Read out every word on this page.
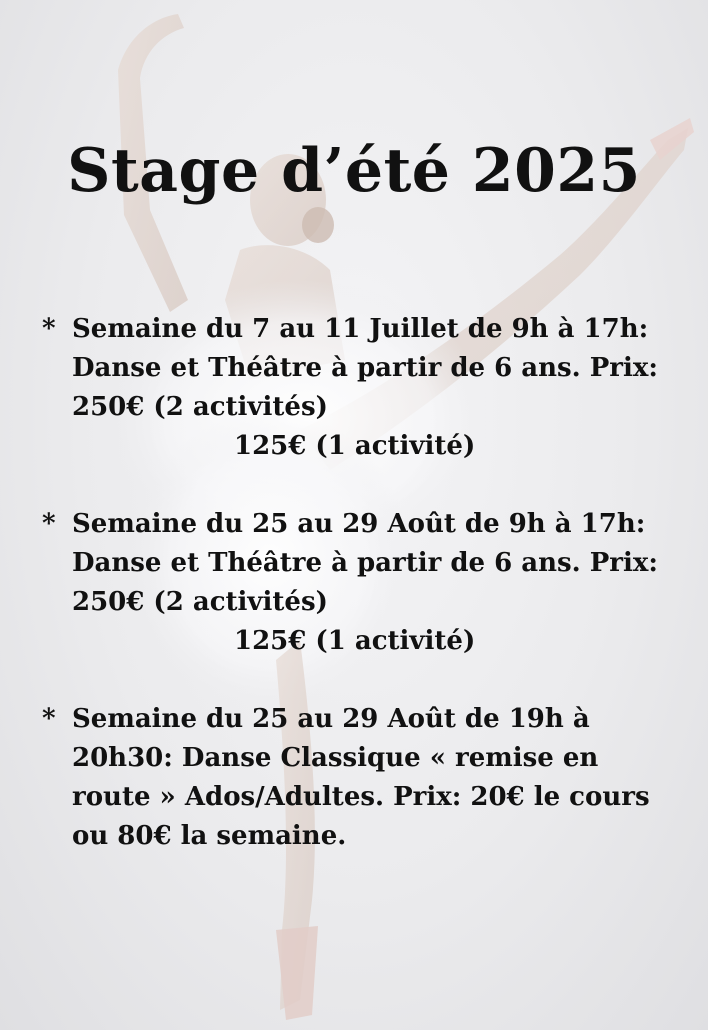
Stage d’été 2025
* Semaine du 7 au 11 Juillet de 9h à 17h: Danse et Théâtre à partir de 6 ans. Prix: 250€ (2 activités)
125€ (1 activité)
* Semaine du 25 au 29 Août de 9h à 17h: Danse et Théâtre à partir de 6 ans. Prix: 250€ (2 activités)
125€ (1 activité)
* Semaine du 25 au 29 Août de 19h à 20h30: Danse Classique « remise en route » Ados/Adultes. Prix: 20€ le cours ou 80€ la semaine.
